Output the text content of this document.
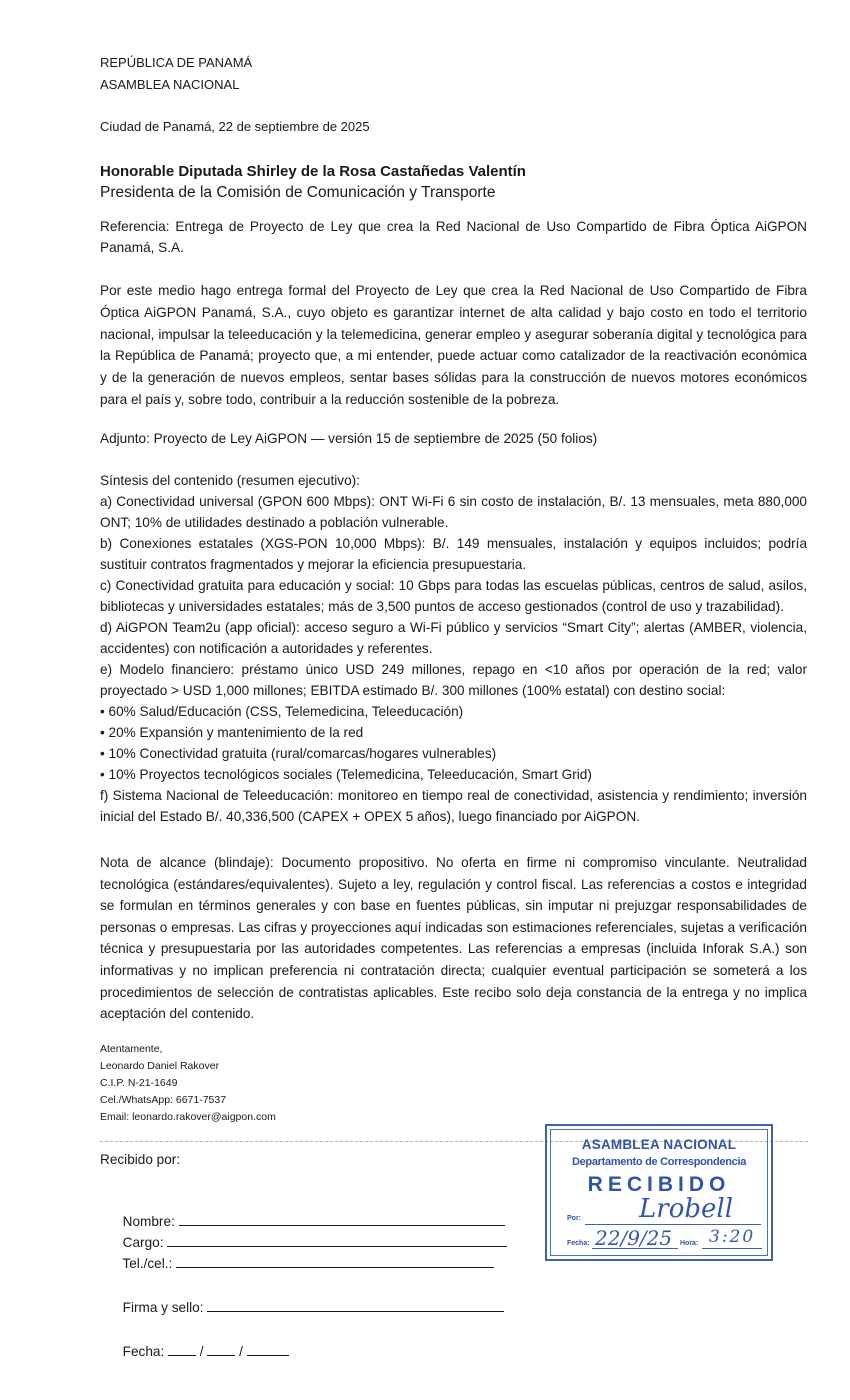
REPÚBLICA DE PANAMÁ
ASAMBLEA NACIONAL
Ciudad de Panamá, 22 de septiembre de 2025
Honorable Diputada Shirley de la Rosa Castañedas Valentín
Presidenta de la Comisión de Comunicación y Transporte
Referencia: Entrega de Proyecto de Ley que crea la Red Nacional de Uso Compartido de Fibra Óptica AiGPON Panamá, S.A.
Por este medio hago entrega formal del Proyecto de Ley que crea la Red Nacional de Uso Compartido de Fibra Óptica AiGPON Panamá, S.A., cuyo objeto es garantizar internet de alta calidad y bajo costo en todo el territorio nacional, impulsar la teleeducación y la telemedicina, generar empleo y asegurar soberanía digital y tecnológica para la República de Panamá; proyecto que, a mi entender, puede actuar como catalizador de la reactivación económica y de la generación de nuevos empleos, sentar bases sólidas para la construcción de nuevos motores económicos para el país y, sobre todo, contribuir a la reducción sostenible de la pobreza.
Adjunto: Proyecto de Ley AiGPON — versión 15 de septiembre de 2025 (50 folios)
Síntesis del contenido (resumen ejecutivo):
a) Conectividad universal (GPON 600 Mbps): ONT Wi-Fi 6 sin costo de instalación, B/. 13 mensuales, meta 880,000 ONT; 10% de utilidades destinado a población vulnerable.
b) Conexiones estatales (XGS-PON 10,000 Mbps): B/. 149 mensuales, instalación y equipos incluidos; podría sustituir contratos fragmentados y mejorar la eficiencia presupuestaria.
c) Conectividad gratuita para educación y social: 10 Gbps para todas las escuelas públicas, centros de salud, asilos, bibliotecas y universidades estatales; más de 3,500 puntos de acceso gestionados (control de uso y trazabilidad).
d) AiGPON Team2u (app oficial): acceso seguro a Wi-Fi público y servicios “Smart City”; alertas (AMBER, violencia, accidentes) con notificación a autoridades y referentes.
e) Modelo financiero: préstamo único USD 249 millones, repago en <10 años por operación de la red; valor proyectado > USD 1,000 millones; EBITDA estimado B/. 300 millones (100% estatal) con destino social:
• 60% Salud/Educación (CSS, Telemedicina, Teleeducación)
• 20% Expansión y mantenimiento de la red
• 10% Conectividad gratuita (rural/comarcas/hogares vulnerables)
• 10% Proyectos tecnológicos sociales (Telemedicina, Teleeducación, Smart Grid)
f) Sistema Nacional de Teleeducación: monitoreo en tiempo real de conectividad, asistencia y rendimiento; inversión inicial del Estado B/. 40,336,500 (CAPEX + OPEX 5 años), luego financiado por AiGPON.
Nota de alcance (blindaje): Documento propositivo. No oferta en firme ni compromiso vinculante. Neutralidad tecnológica (estándares/equivalentes). Sujeto a ley, regulación y control fiscal. Las referencias a costos e integridad se formulan en términos generales y con base en fuentes públicas, sin imputar ni prejuzgar responsabilidades de personas o empresas. Las cifras y proyecciones aquí indicadas son estimaciones referenciales, sujetas a verificación técnica y presupuestaria por las autoridades competentes. Las referencias a empresas (incluida Inforak S.A.) son informativas y no implican preferencia ni contratación directa; cualquier eventual participación se someterá a los procedimientos de selección de contratistas aplicables. Este recibo solo deja constancia de la entrega y no implica aceptación del contenido.
Atentamente,
Leonardo Daniel Rakover
C.I.P. N-21-1649
Cel./WhatsApp: 6671-7537
Email: leonardo.rakover@aigpon.com
Recibido por:

Nombre:

Cargo:

Tel./cel.:

Firma y sello:

Fecha:  /  /

ASAMBLEA NACIONAL
Departamento de Correspondencia
RECIBIDO
Por: Lrobell
Fecha: 22/9/25 Hora: 3:20
